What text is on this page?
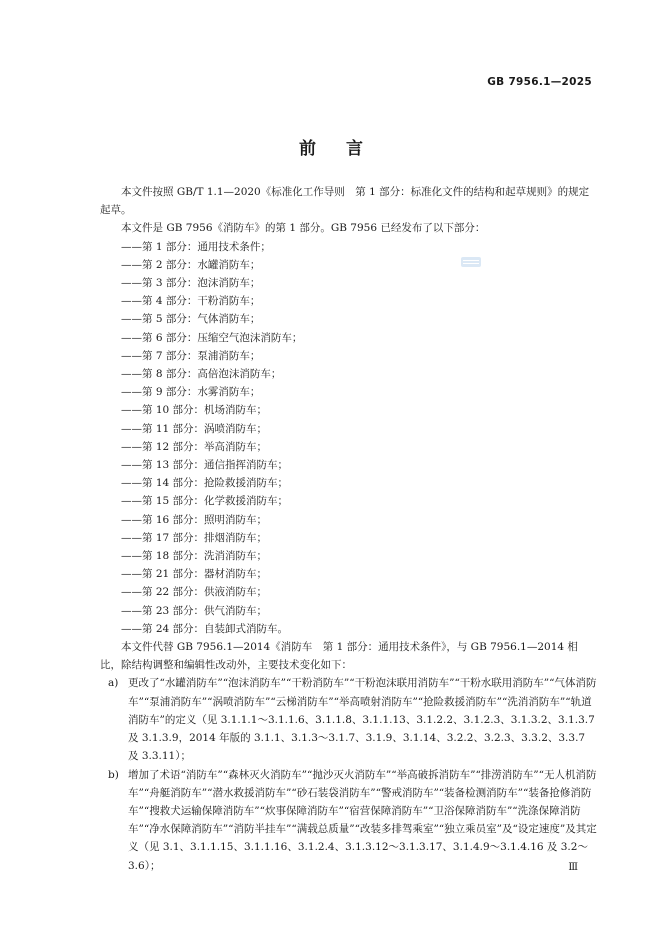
GB 7956.1—2025
前言

本文件按照 GB/T 1.1—2020《标准化工作导则　第 1 部分：标准化文件的结构和起草规则》的规定起草。

本文件是 GB 7956《消防车》的第 1 部分。GB 7956 已经发布了以下部分：

——第 1 部分：通用技术条件；
——第 2 部分：水罐消防车；
——第 3 部分：泡沫消防车；
——第 4 部分：干粉消防车；
——第 5 部分：气体消防车；
——第 6 部分：压缩空气泡沫消防车；
——第 7 部分：泵浦消防车；
——第 8 部分：高倍泡沫消防车；
——第 9 部分：水雾消防车；
——第 10 部分：机场消防车；
——第 11 部分：涡喷消防车；
——第 12 部分：举高消防车；
——第 13 部分：通信指挥消防车；
——第 14 部分：抢险救援消防车；
——第 15 部分：化学救援消防车；
——第 16 部分：照明消防车；
——第 17 部分：排烟消防车；
——第 18 部分：洗消消防车；
——第 21 部分：器材消防车；
——第 22 部分：供液消防车；
——第 23 部分：供气消防车；
——第 24 部分：自装卸式消防车。

本文件代替 GB 7956.1—2014《消防车　第 1 部分：通用技术条件》，与 GB 7956.1—2014 相比，除结构调整和编辑性改动外，主要技术变化如下：

a) 更改了“水罐消防车”“泡沫消防车”“干粉消防车”“干粉泡沫联用消防车”“干粉水联用消防车”“气体消防车”“泵浦消防车”“涡喷消防车”“云梯消防车”“举高喷射消防车”“抢险救援消防车”“洗消消防车”“轨道消防车”的定义（见 3.1.1.1～3.1.1.6、3.1.1.8、3.1.1.13、3.1.2.2、3.1.2.3、3.1.3.2、3.1.3.7 及 3.1.3.9，2014 年版的 3.1.1、3.1.3～3.1.7、3.1.9、3.1.14、3.2.2、3.2.3、3.3.2、3.3.7 及 3.3.11）；
b) 增加了术语“消防车”“森林灭火消防车”“抛沙灭火消防车”“举高破拆消防车”“排涝消防车”“无人机消防车”“舟艇消防车”“潜水救援消防车”“砂石装袋消防车”“警戒消防车”“装备检测消防车”“装备抢修消防车”“搜救犬运输保障消防车”“炊事保障消防车”“宿营保障消防车”“卫浴保障消防车”“洗涤保障消防车”“净水保障消防车”“消防半挂车”“满载总质量”“改装多排驾乘室”“独立乘员室”及“设定速度”及其定义（见 3.1、3.1.1.15、3.1.1.16、3.1.2.4、3.1.3.12～3.1.3.17、3.1.4.9～3.1.4.16 及 3.2～3.6）；	Ⅲ
